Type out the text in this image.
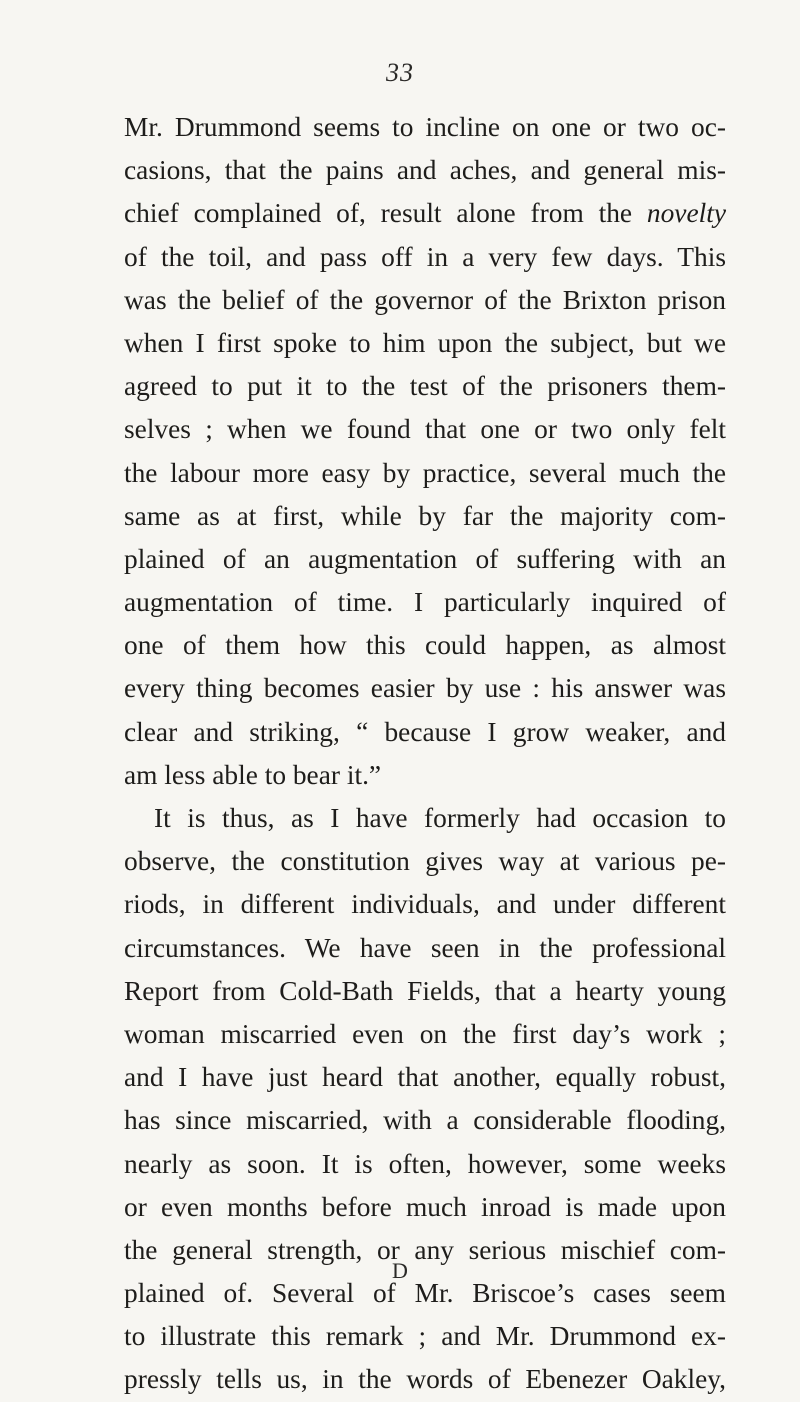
33
Mr. Drummond seems to incline on one or two oc-
casions, that the pains and aches, and general mis-
chief complained of, result alone from the novelty
of the toil, and pass off in a very few days. This
was the belief of the governor of the Brixton prison
when I first spoke to him upon the subject, but we
agreed to put it to the test of the prisoners them-
selves ; when we found that one or two only felt
the labour more easy by practice, several much the
same as at first, while by far the majority com-
plained of an augmentation of suffering with an
augmentation of time. I particularly inquired of
one of them how this could happen, as almost
every thing becomes easier by use : his answer was
clear and striking, “ because I grow weaker, and
am less able to bear it.”
It is thus, as I have formerly had occasion to
observe, the constitution gives way at various pe-
riods, in different individuals, and under different
circumstances. We have seen in the professional
Report from Cold-Bath Fields, that a hearty young
woman miscarried even on the first day’s work ;
and I have just heard that another, equally robust,
has since miscarried, with a considerable flooding,
nearly as soon. It is often, however, some weeks
or even months before much inroad is made upon
the general strength, or any serious mischief com-
plained of. Several of Mr. Briscoe’s cases seem
to illustrate this remark ; and Mr. Drummond ex-
pressly tells us, in the words of Ebenezer Oakley,
D
